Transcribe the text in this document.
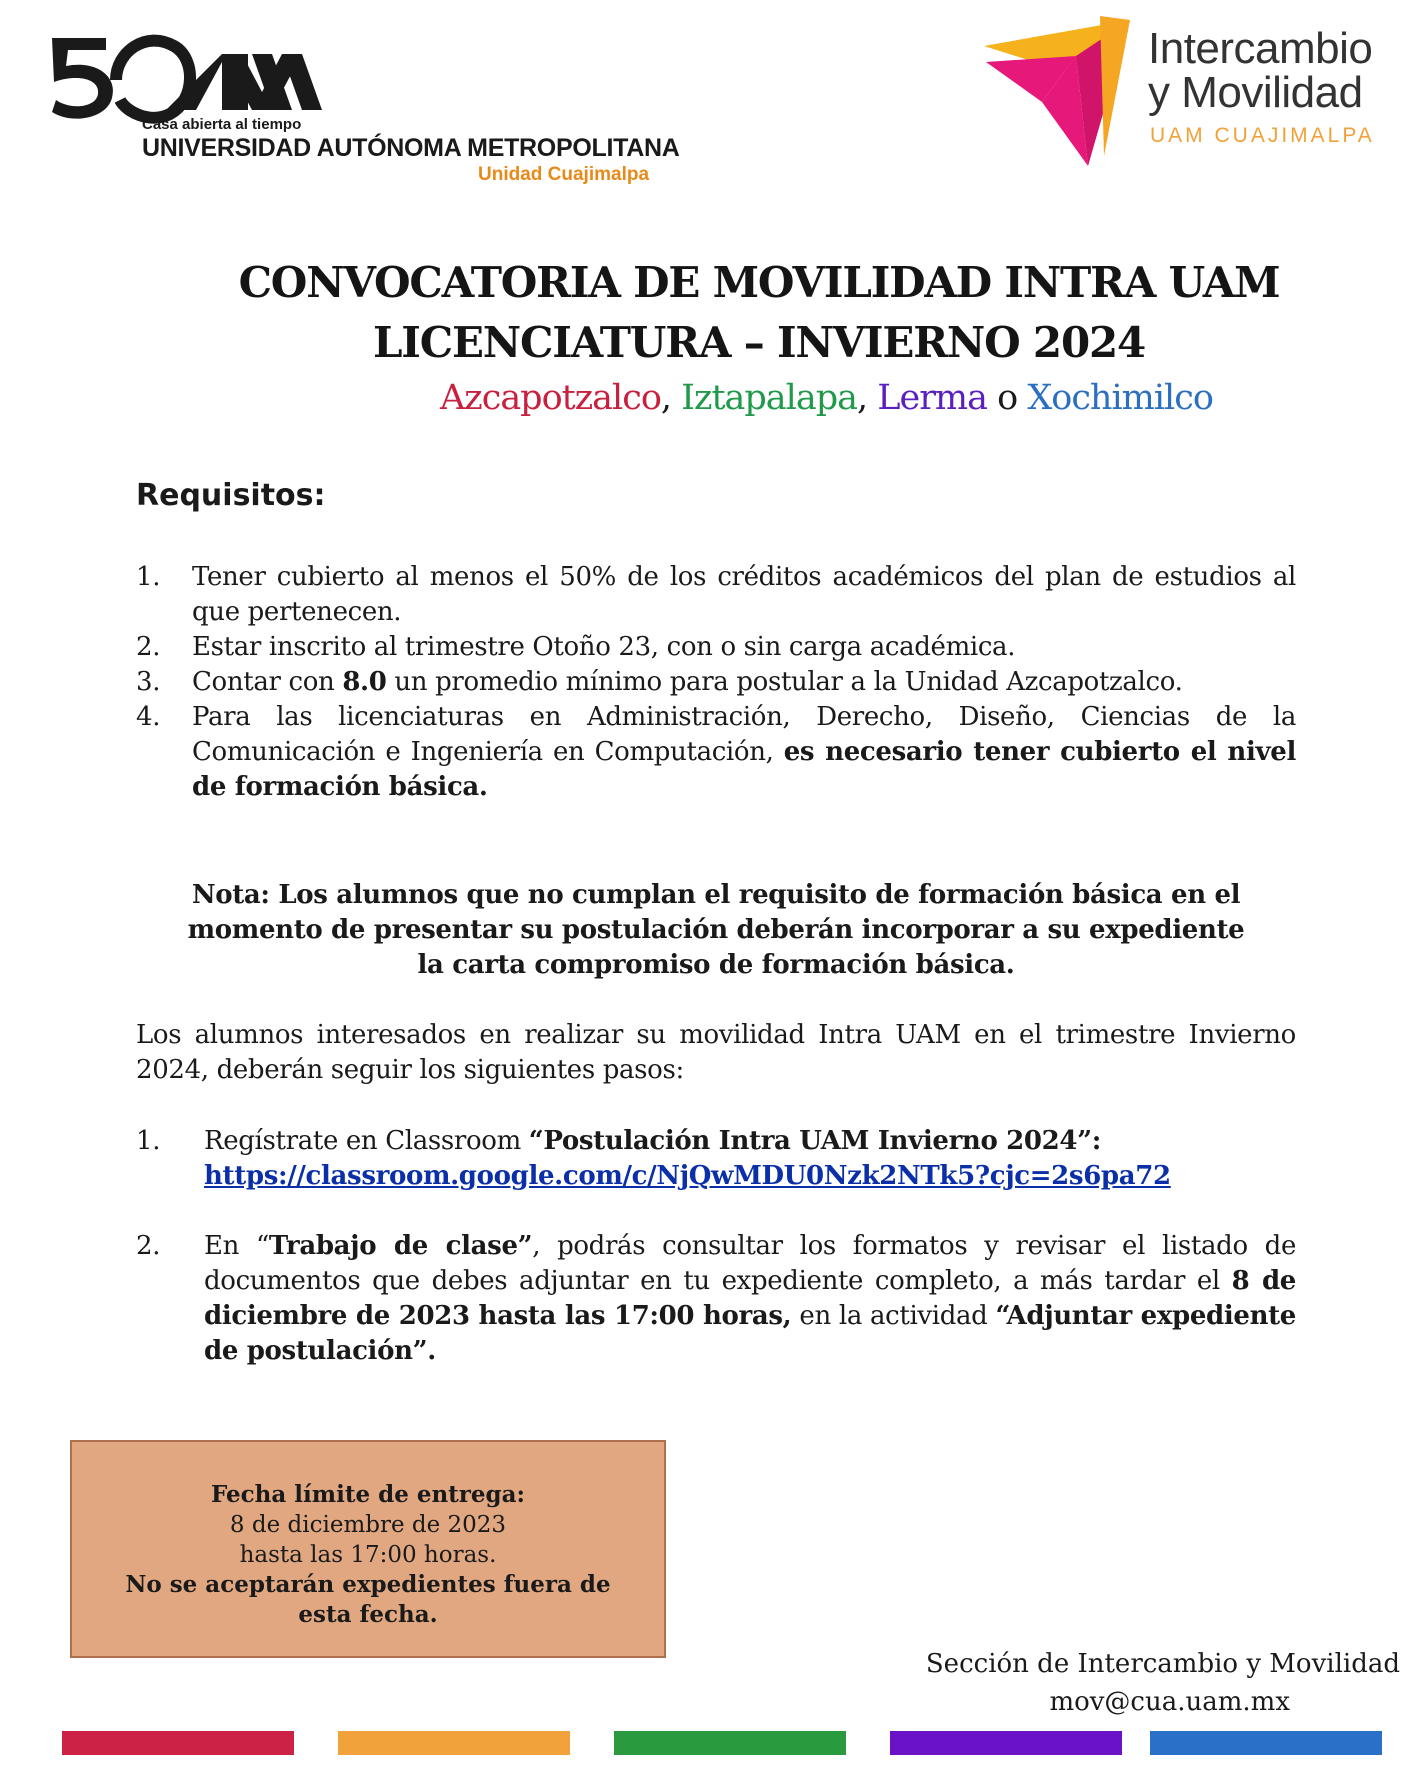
Casa abierta al tiempo
UNIVERSIDAD AUTÓNOMA METROPOLITANA
Unidad Cuajimalpa
Intercambio
y Movilidad
UAM CUAJIMALPA
CONVOCATORIA DE MOVILIDAD INTRA UAM
LICENCIATURA – INVIERNO 2024
Azcapotzalco, Iztapalapa, Lerma o Xochimilco
Requisitos:
1. Tener cubierto al menos el 50% de los créditos académicos del plan de estudios al que pertenecen.
2. Estar inscrito al trimestre Otoño 23, con o sin carga académica.
3. Contar con 8.0 un promedio mínimo para postular a la Unidad Azcapotzalco.
4. Para las licenciaturas en Administración, Derecho, Diseño, Ciencias de la Comunicación e Ingeniería en Computación, es necesario tener cubierto el nivel de formación básica.
Nota: Los alumnos que no cumplan el requisito de formación básica en el
momento de presentar su postulación deberán incorporar a su expediente
la carta compromiso de formación básica.
Los alumnos interesados en realizar su movilidad Intra UAM en el trimestre Invierno 2024, deberán seguir los siguientes pasos:
1. Regístrate en Classroom “Postulación Intra UAM Invierno 2024”:
https://classroom.google.com/c/NjQwMDU0Nzk2NTk5?cjc=2s6pa72
2. En “Trabajo de clase”, podrás consultar los formatos y revisar el listado de documentos que debes adjuntar en tu expediente completo, a más tardar el 8 de diciembre de 2023 hasta las 17:00 horas, en la actividad “Adjuntar expediente de postulación”.
Fecha límite de entrega:
8 de diciembre de 2023
hasta las 17:00 horas.
No se aceptarán expedientes fuera de esta fecha.
Sección de Intercambio y Movilidad
mov@cua.uam.mx
